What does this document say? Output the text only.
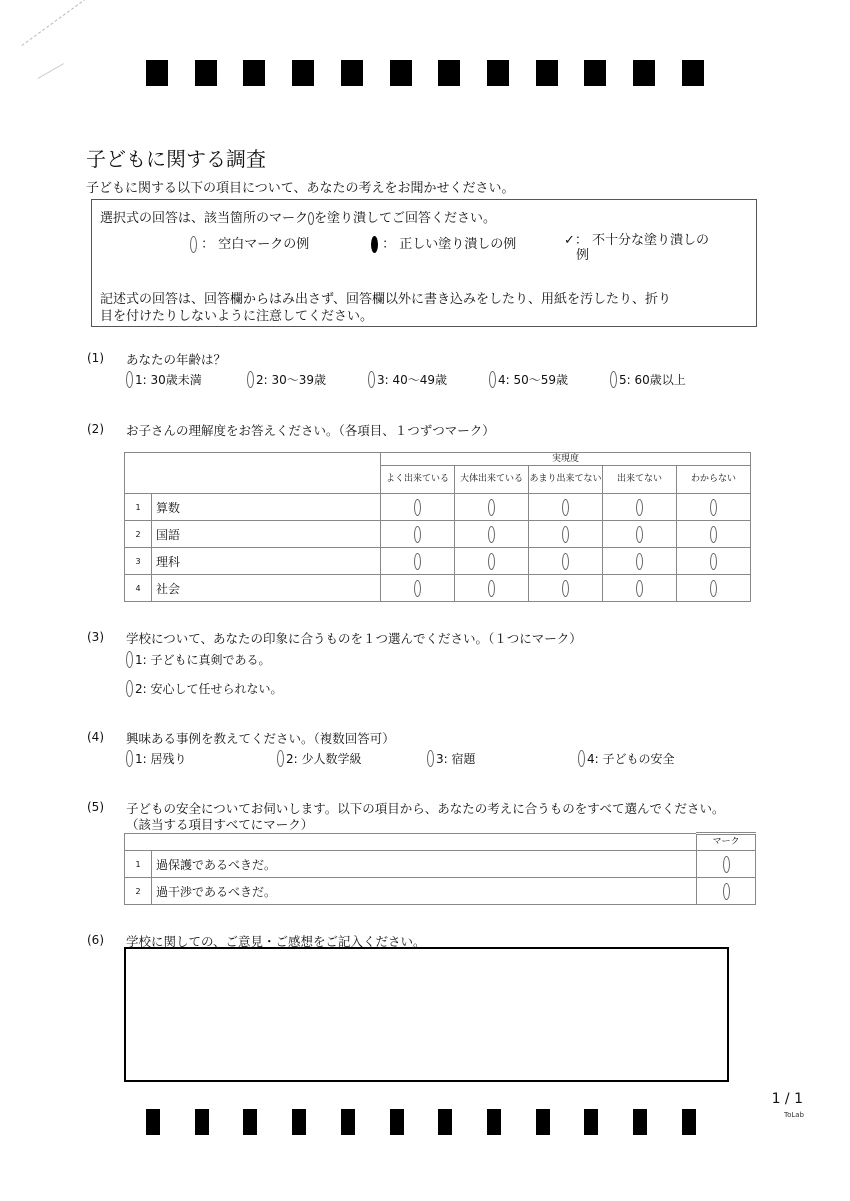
子どもに関する調査
子どもに関する以下の項目について、あなたの考えをお聞かせください。
選択式の回答は、該当箇所のマーク を塗り潰してご回答ください。
： 空白マークの例	： 正しい塗り潰しの例	✓： 不十分な塗り潰しの
例
記述式の回答は、回答欄からはみ出さず、回答欄以外に書き込みをしたり、用紙を汚したり、折り
目を付けたりしないように注意してください。
(1) あなたの年齢は？
1: 30歳未満	2: 30〜39歳	3: 40〜49歳	4: 50〜59歳	5: 60歳以上
(2) お子さんの理解度をお答えください。（各項目、１つずつマーク）
		実現度				
		よく出来ている	大体出来ている	あまり出来てない	出来てない	わからない
1	算数					
2	国語					
3	理科					
4	社会					
(3) 学校について、あなたの印象に合うものを１つ選んでください。（１つにマーク）
1: 子どもに真剣である。
2: 安心して任せられない。
(4) 興味ある事例を教えてください。（複数回答可）
1: 居残り	2: 少人数学級	3: 宿題	4: 子どもの安全
(5) 子どもの安全についてお伺いします。以下の項目から、あなたの考えに合うものをすべて選んでください。
（該当する項目すべてにマーク）
		マーク
1	過保護であるべきだ。	
2	過干渉であるべきだ。	
(6) 学校に関しての、ご意見・ご感想をご記入ください。
1 / 1
ToLab
